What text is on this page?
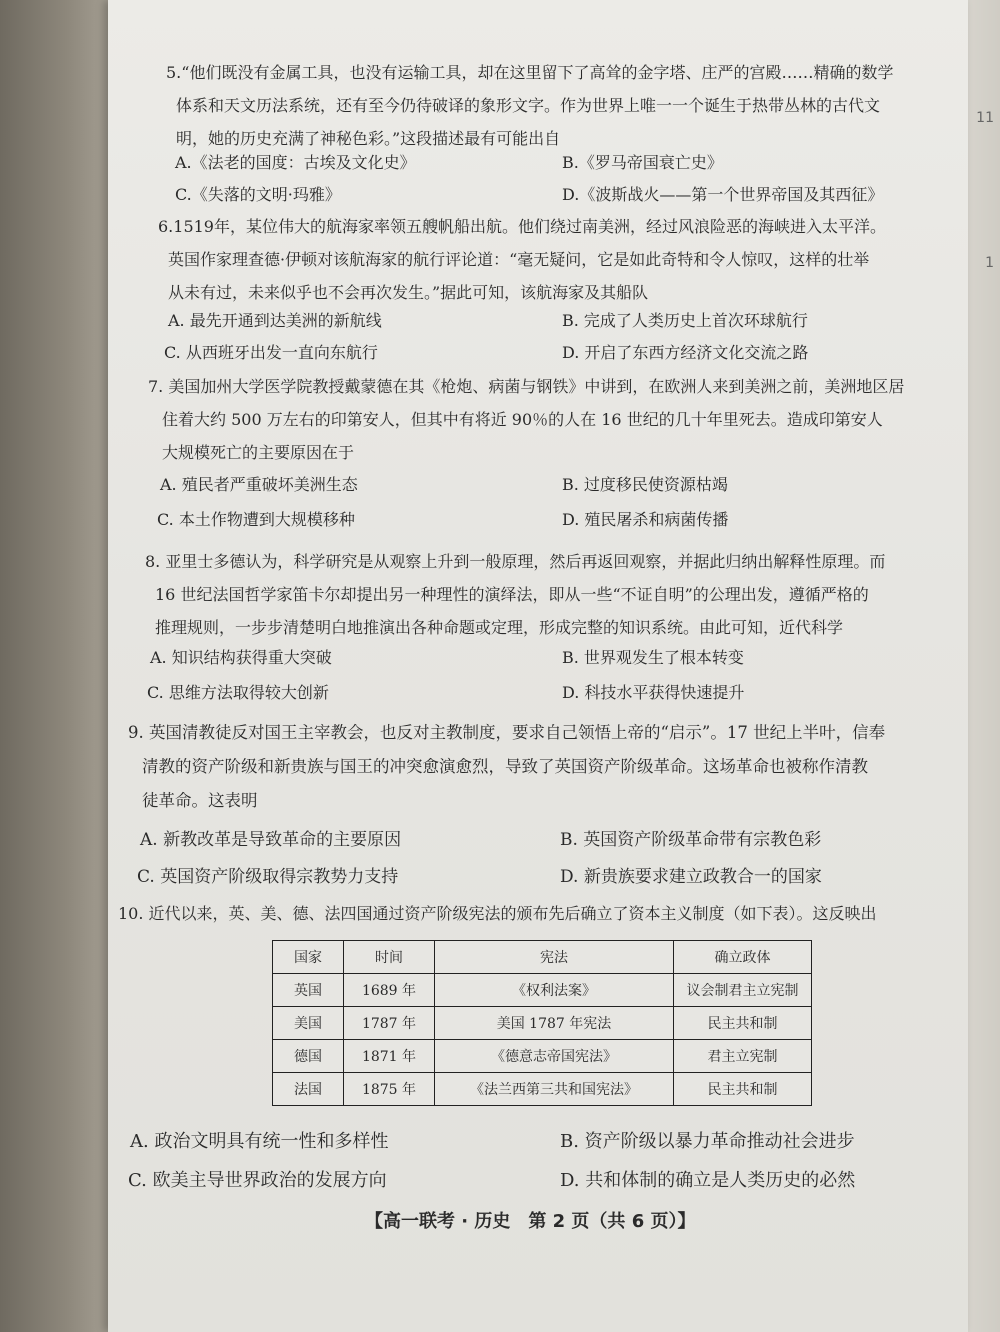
11
1
5.“他们既没有金属工具，也没有运输工具，却在这里留下了高耸的金字塔、庄严的宫殿……精确的数学
体系和天文历法系统，还有至今仍待破译的象形文字。作为世界上唯一一个诞生于热带丛林的古代文
明，她的历史充满了神秘色彩。”这段描述最有可能出自
A.《法老的国度：古埃及文化史》	B.《罗马帝国衰亡史》
C.《失落的文明·玛雅》	D.《波斯战火——第一个世界帝国及其西征》
6.1519年，某位伟大的航海家率领五艘帆船出航。他们绕过南美洲，经过风浪险恶的海峡进入太平洋。
英国作家理查德·伊顿对该航海家的航行评论道：“毫无疑问，它是如此奇特和令人惊叹，这样的壮举
从未有过，未来似乎也不会再次发生。”据此可知，该航海家及其船队
A. 最先开通到达美洲的新航线	B. 完成了人类历史上首次环球航行
C. 从西班牙出发一直向东航行	D. 开启了东西方经济文化交流之路
7. 美国加州大学医学院教授戴蒙德在其《枪炮、病菌与钢铁》中讲到，在欧洲人来到美洲之前，美洲地区居
住着大约 500 万左右的印第安人，但其中有将近 90％的人在 16 世纪的几十年里死去。造成印第安人
大规模死亡的主要原因在于
A. 殖民者严重破坏美洲生态	B. 过度移民使资源枯竭
C. 本土作物遭到大规模移种	D. 殖民屠杀和病菌传播
8. 亚里士多德认为，科学研究是从观察上升到一般原理，然后再返回观察，并据此归纳出解释性原理。而
16 世纪法国哲学家笛卡尔却提出另一种理性的演绎法，即从一些“不证自明”的公理出发，遵循严格的
推理规则，一步步清楚明白地推演出各种命题或定理，形成完整的知识系统。由此可知，近代科学
A. 知识结构获得重大突破	B. 世界观发生了根本转变
C. 思维方法取得较大创新	D. 科技水平获得快速提升
9. 英国清教徒反对国王主宰教会，也反对主教制度，要求自己领悟上帝的“启示”。17 世纪上半叶，信奉
清教的资产阶级和新贵族与国王的冲突愈演愈烈，导致了英国资产阶级革命。这场革命也被称作清教
徒革命。这表明
A. 新教改革是导致革命的主要原因	B. 英国资产阶级革命带有宗教色彩
C. 英国资产阶级取得宗教势力支持	D. 新贵族要求建立政教合一的国家
10. 近代以来，英、美、德、法四国通过资产阶级宪法的颁布先后确立了资本主义制度（如下表）。这反映出
国家	时间	宪法	确立政体
英国	1689 年	《权利法案》	议会制君主立宪制
美国	1787 年	美国 1787 年宪法	民主共和制
德国	1871 年	《德意志帝国宪法》	君主立宪制
法国	1875 年	《法兰西第三共和国宪法》	民主共和制
A. 政治文明具有统一性和多样性	B. 资产阶级以暴力革命推动社会进步
C. 欧美主导世界政治的发展方向	D. 共和体制的确立是人类历史的必然
【高一联考 · 历史　第 2 页（共 6 页）】
